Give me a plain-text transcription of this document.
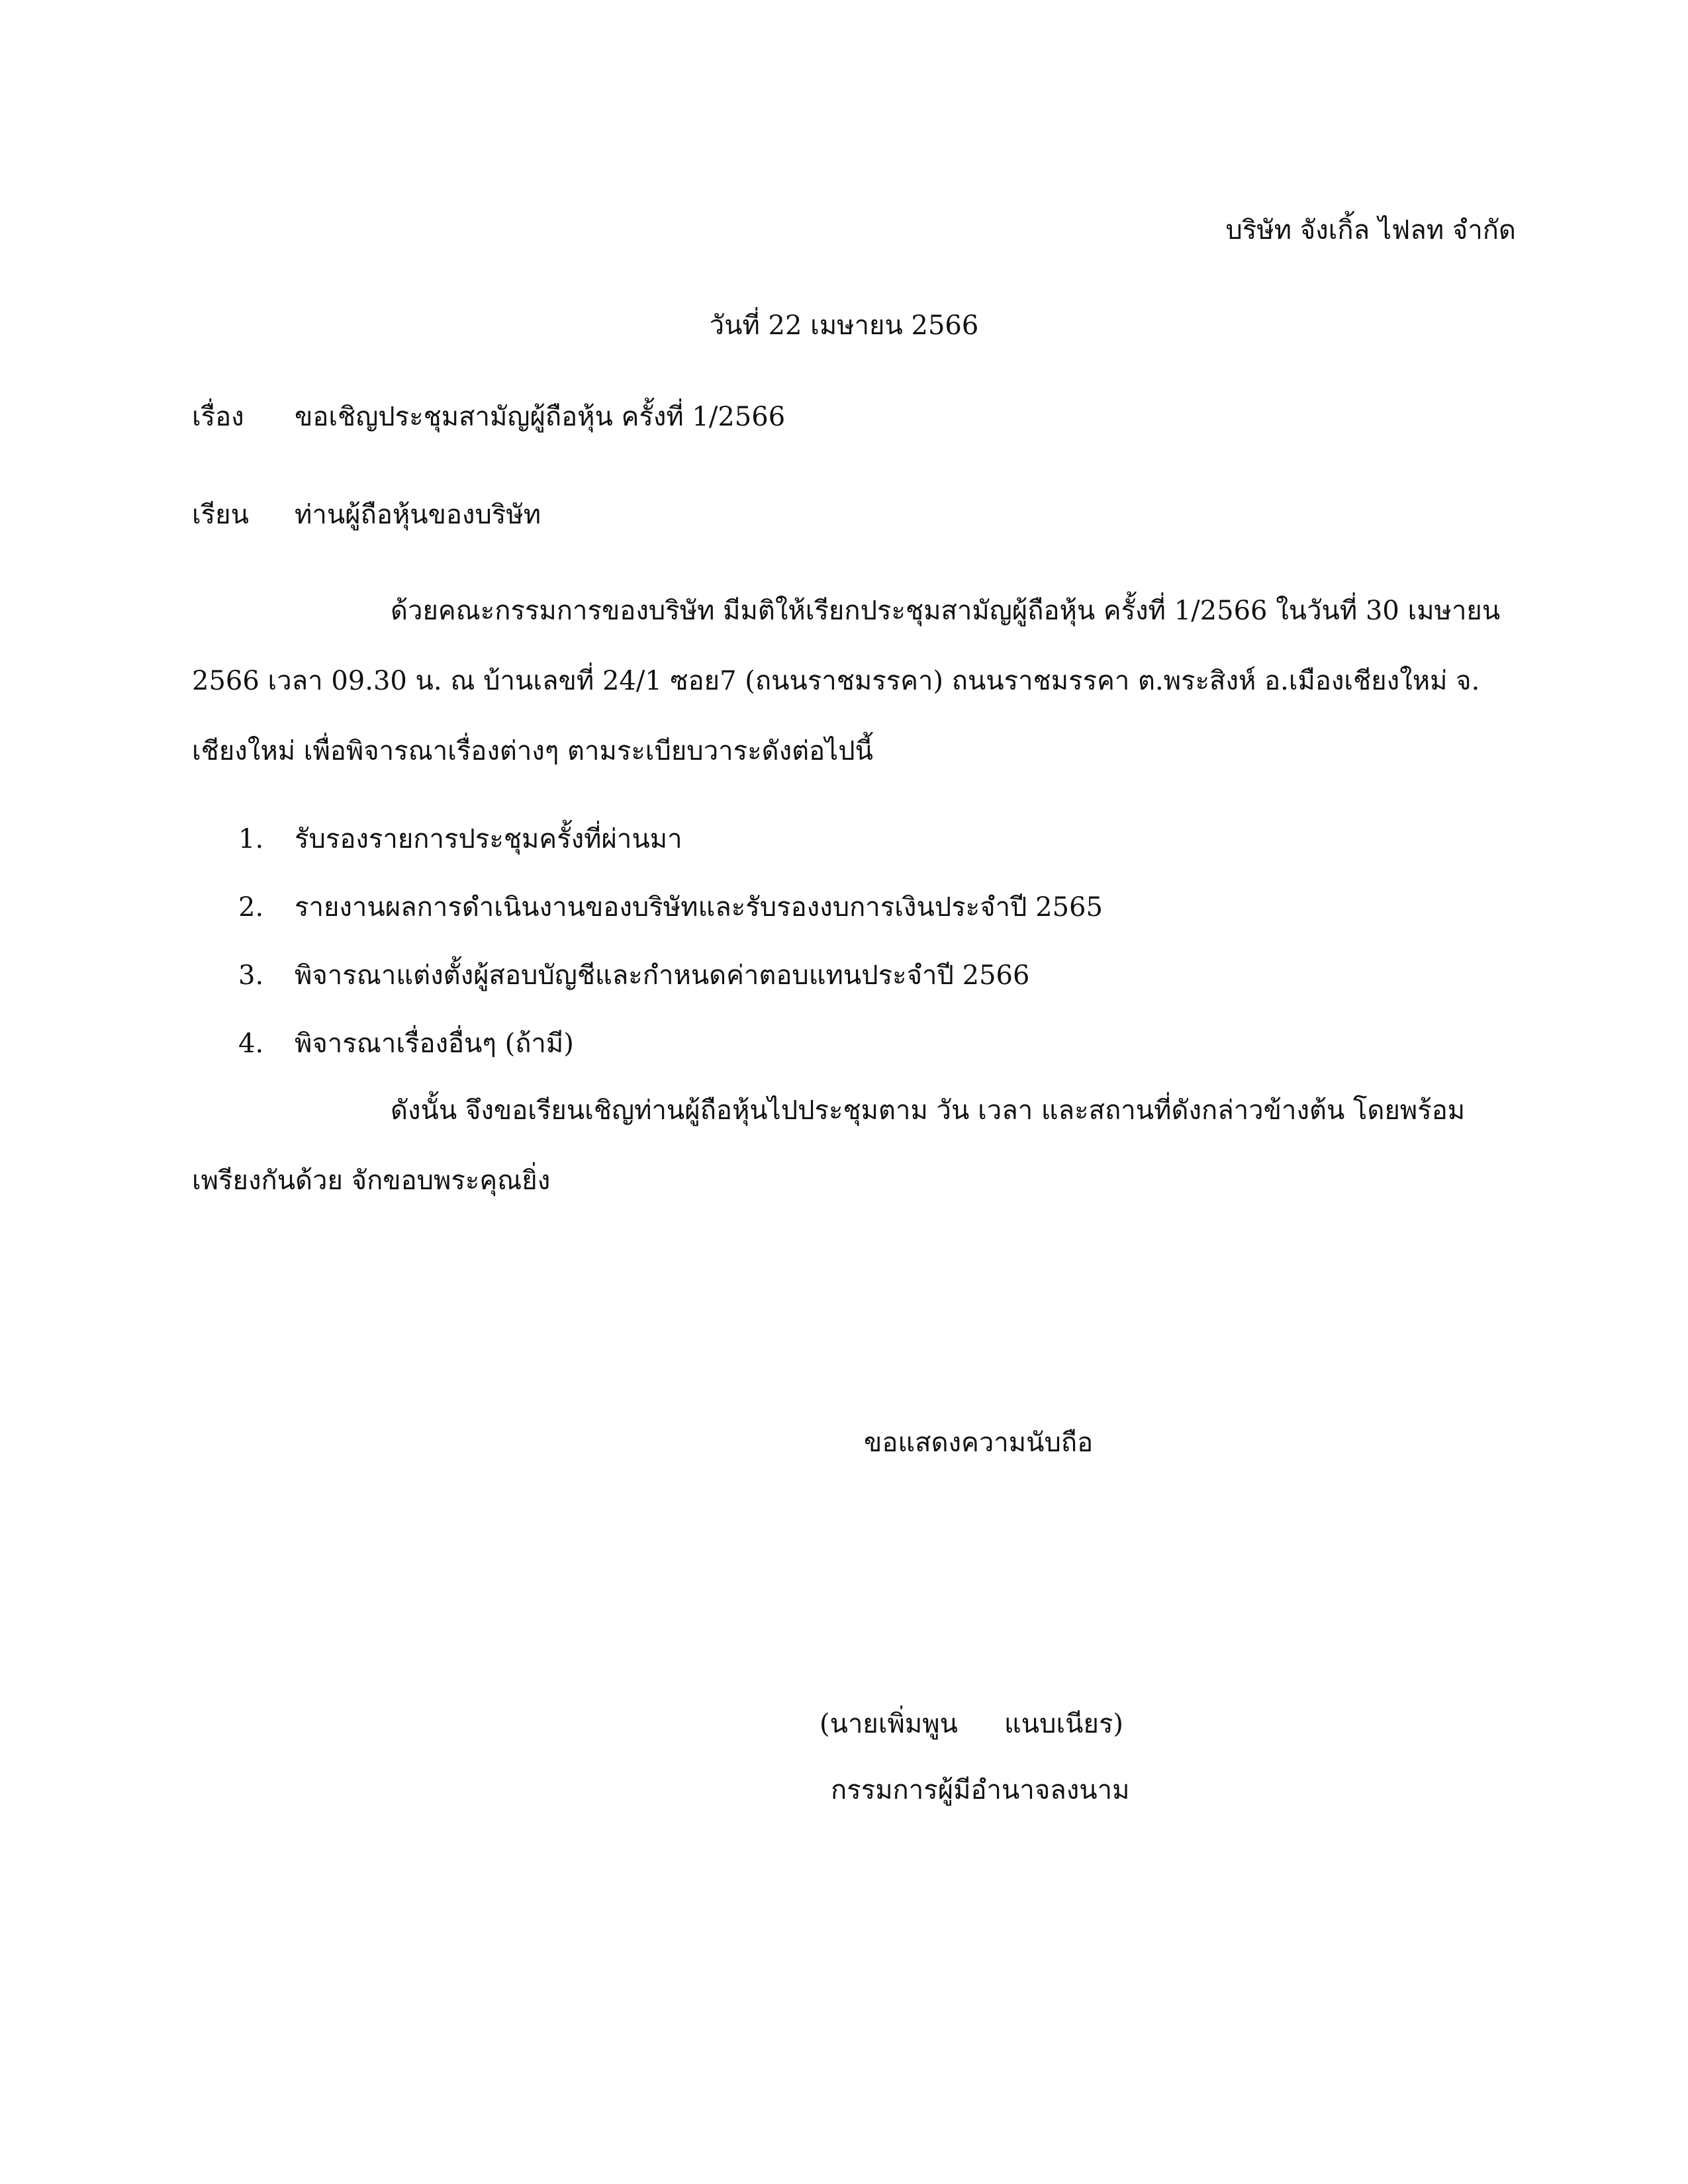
บริษัท จังเกิ้ล ไฟลท จำกัด
วันที่ 22 เมษายน 2566
เรื่อง ขอเชิญประชุมสามัญผู้ถือหุ้น ครั้งที่ 1/2566
เรียน ท่านผู้ถือหุ้นของบริษัท
ด้วยคณะกรรมการของบริษัท มีมติให้เรียกประชุมสามัญผู้ถือหุ้น ครั้งที่ 1/2566 ในวันที่ 30 เมษายน
2566 เวลา 09.30 น. ณ บ้านเลขที่ 24/1 ซอย7 (ถนนราชมรรคา) ถนนราชมรรคา ต.พระสิงห์ อ.เมืองเชียงใหม่ จ.
เชียงใหม่ เพื่อพิจารณาเรื่องต่างๆ ตามระเบียบวาระดังต่อไปนี้
1. รับรองรายการประชุมครั้งที่ผ่านมา
2. รายงานผลการดำเนินงานของบริษัทและรับรองงบการเงินประจำปี 2565
3. พิจารณาแต่งตั้งผู้สอบบัญชีและกำหนดค่าตอบแทนประจำปี 2566
4. พิจารณาเรื่องอื่นๆ (ถ้ามี)
ดังนั้น จึงขอเรียนเชิญท่านผู้ถือหุ้นไปประชุมตาม วัน เวลา และสถานที่ดังกล่าวข้างต้น โดยพร้อม
เพรียงกันด้วย จักขอบพระคุณยิ่ง
ขอแสดงความนับถือ
(นายเพิ่มพูน แนบเนียร)
กรรมการผู้มีอำนาจลงนาม
